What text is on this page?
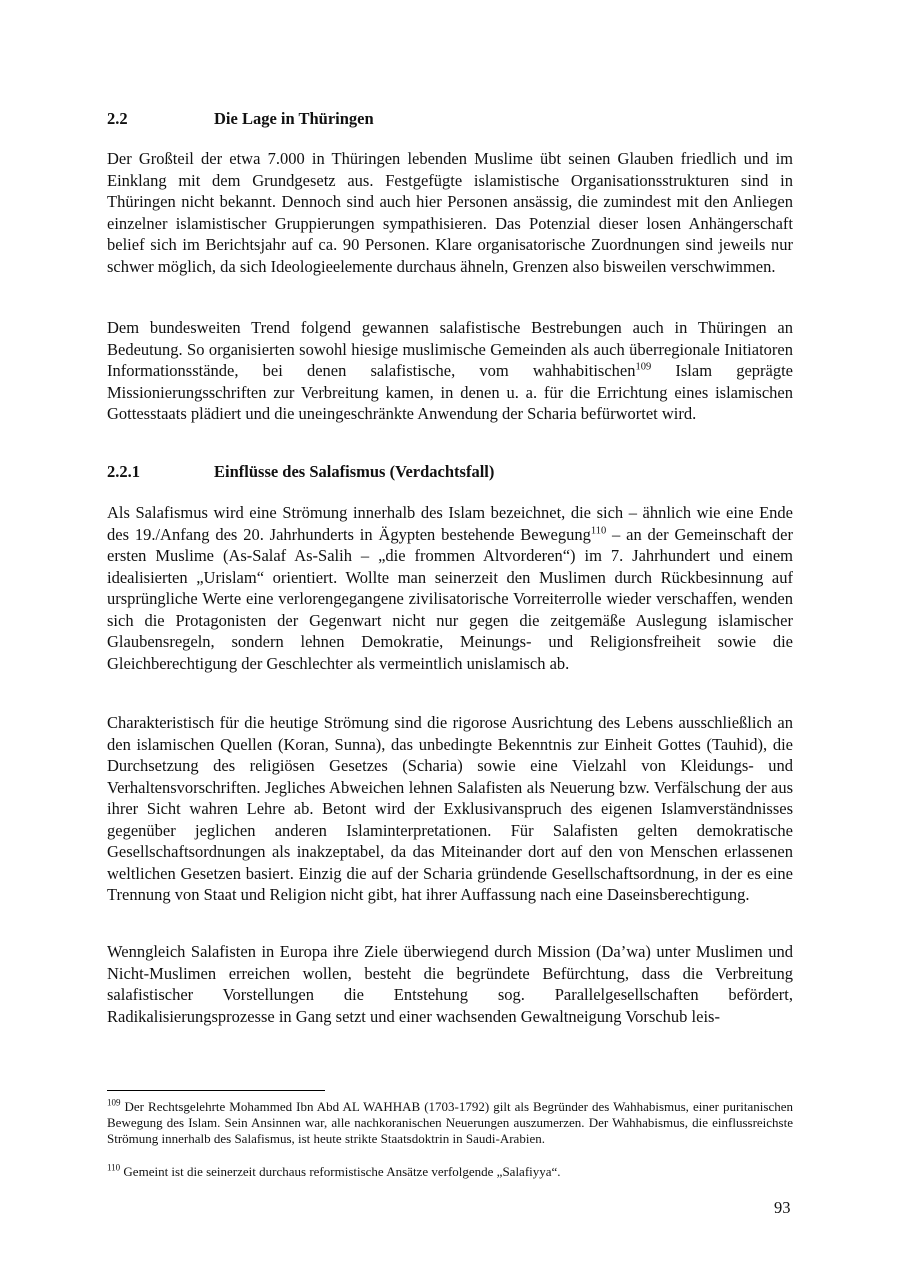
2.2	Die Lage in Thüringen
Der Großteil der etwa 7.000 in Thüringen lebenden Muslime übt seinen Glauben friedlich und im Einklang mit dem Grundgesetz aus. Festgefügte islamistische Organisationsstrukturen sind in Thüringen nicht bekannt. Dennoch sind auch hier Personen ansässig, die zumindest mit den Anliegen einzelner islamistischer Gruppierungen sympathisieren. Das Potenzial dieser losen Anhängerschaft belief sich im Berichtsjahr auf ca. 90 Personen. Klare organisatorische Zuordnungen sind jeweils nur schwer möglich, da sich Ideologieelemente durchaus ähneln, Grenzen also bisweilen verschwimmen.
Dem bundesweiten Trend folgend gewannen salafistische Bestrebungen auch in Thüringen an Bedeutung. So organisierten sowohl hiesige muslimische Gemeinden als auch überregionale Initiatoren Informationsstände, bei denen salafistische, vom wahhabitischen$^{109}$ Islam geprägte Missionierungsschriften zur Verbreitung kamen, in denen u. a. für die Errichtung eines islamischen Gottesstaats plädiert und die uneingeschränkte Anwendung der Scharia befürwortet wird.
2.2.1	Einflüsse des Salafismus (Verdachtsfall)
Als Salafismus wird eine Strömung innerhalb des Islam bezeichnet, die sich – ähnlich wie eine Ende des 19./Anfang des 20. Jahrhunderts in Ägypten bestehende Bewegung$^{110}$ – an der Gemeinschaft der ersten Muslime (As-Salaf As-Salih – „die frommen Altvorderen“) im 7. Jahrhundert und einem idealisierten „Urislam“ orientiert. Wollte man seinerzeit den Muslimen durch Rückbesinnung auf ursprüngliche Werte eine verlorengegangene zivilisatorische Vorreiterrolle wieder verschaffen, wenden sich die Protagonisten der Gegenwart nicht nur gegen die zeitgemäße Auslegung islamischer Glaubensregeln, sondern lehnen Demokratie, Meinungs- und Religionsfreiheit sowie die Gleichberechtigung der Geschlechter als vermeintlich unislamisch ab.
Charakteristisch für die heutige Strömung sind die rigorose Ausrichtung des Lebens ausschließlich an den islamischen Quellen (Koran, Sunna), das unbedingte Bekenntnis zur Einheit Gottes (Tauhid), die Durchsetzung des religiösen Gesetzes (Scharia) sowie eine Vielzahl von Kleidungs- und Verhaltensvorschriften. Jegliches Abweichen lehnen Salafisten als Neuerung bzw. Verfälschung der aus ihrer Sicht wahren Lehre ab. Betont wird der Exklusivanspruch des eigenen Islamverständnisses gegenüber jeglichen anderen Islaminterpretationen. Für Salafisten gelten demokratische Gesellschaftsordnungen als inakzeptabel, da das Miteinander dort auf den von Menschen erlassenen weltlichen Gesetzen basiert. Einzig die auf der Scharia gründende Gesellschaftsordnung, in der es eine Trennung von Staat und Religion nicht gibt, hat ihrer Auffassung nach eine Daseinsberechtigung.
Wenngleich Salafisten in Europa ihre Ziele überwiegend durch Mission (Da’wa) unter Muslimen und Nicht-Muslimen erreichen wollen, besteht die begründete Befürchtung, dass die Verbreitung salafistischer Vorstellungen die Entstehung sog. Parallelgesellschaften befördert, Radikalisierungsprozesse in Gang setzt und einer wachsenden Gewaltneigung Vorschub leis-
$^{109}$ Der Rechtsgelehrte Mohammed Ibn Abd AL WAHHAB (1703-1792) gilt als Begründer des Wahhabismus, einer puritanischen Bewegung des Islam. Sein Ansinnen war, alle nachkoranischen Neuerungen auszumerzen. Der Wahhabismus, die einflussreichste Strömung innerhalb des Salafismus, ist heute strikte Staatsdoktrin in Saudi-Arabien.
$^{110}$ Gemeint ist die seinerzeit durchaus reformistische Ansätze verfolgende „Salafiyya“.
93
